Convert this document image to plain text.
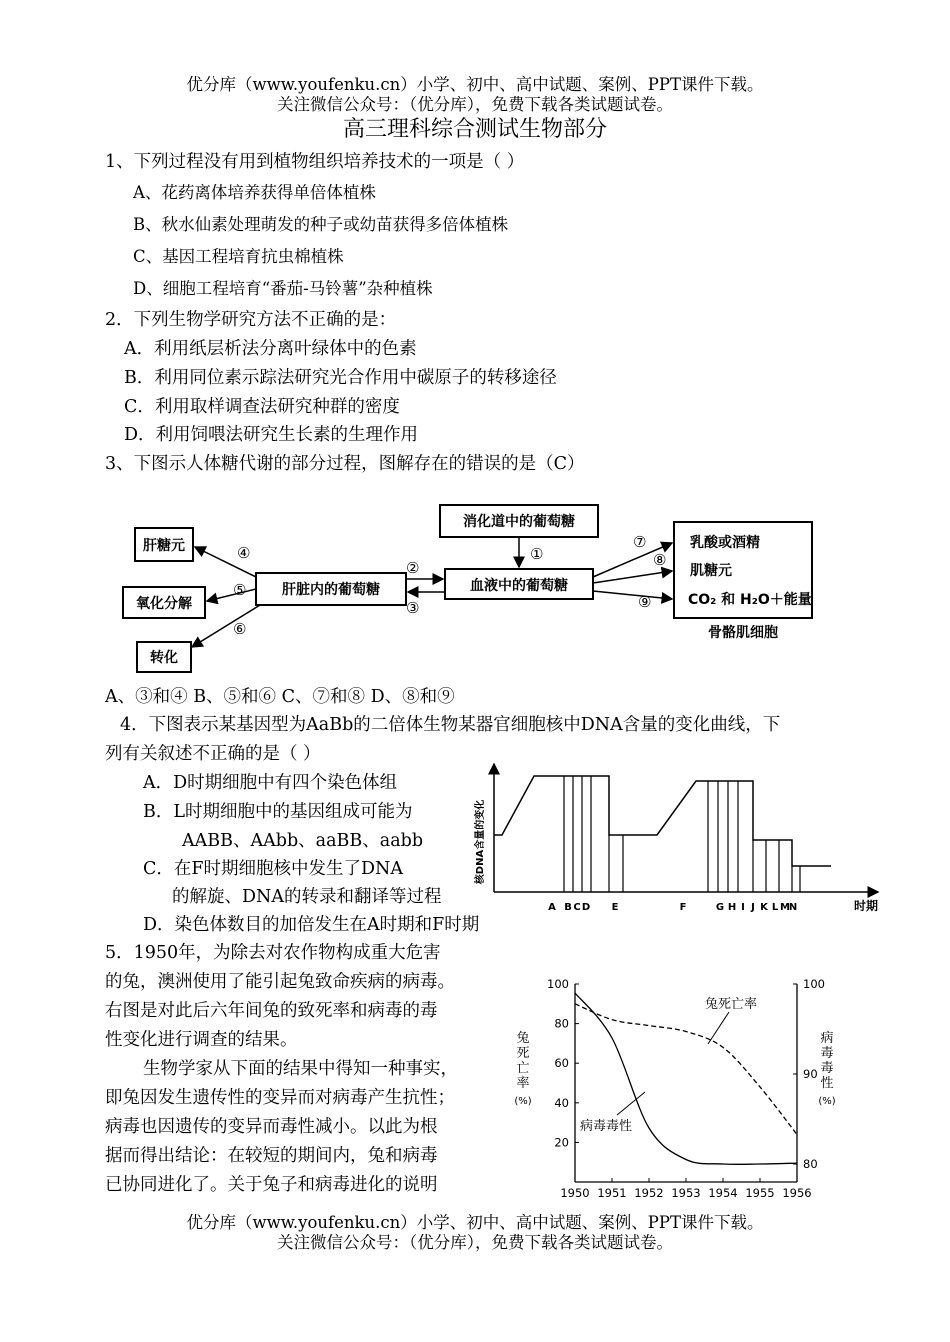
优分库（www.youfenku.cn）小学、初中、高中试题、案例、PPT课件下载。
关注微信公众号：（优分库），免费下载各类试题试卷。
高三理科综合测试生物部分
1、下列过程没有用到植物组织培养技术的一项是（ ）
A、花药离体培养获得单倍体植株
B、秋水仙素处理萌发的种子或幼苗获得多倍体植株
C、基因工程培育抗虫棉植株
D、细胞工程培育“番茄-马铃薯”杂种植株
2．下列生物学研究方法不正确的是：
A．利用纸层析法分离叶绿体中的色素
B．利用同位素示踪法研究光合作用中碳原子的转移途径
C．利用取样调查法研究种群的密度
D．利用饲喂法研究生长素的生理作用
3、下图示人体糖代谢的部分过程，图解存在的错误的是（C）
肝糖元
氧化分解
转化
肝脏内的葡萄糖
消化道中的葡萄糖
血液中的葡萄糖
乳酸或酒精
肌糖元
CO₂ 和 H₂O＋能量
骨骼肌细胞
④
⑤
⑥
②
③
①
⑦
⑧
⑨
A、③和④ B、⑤和⑥ C、⑦和⑧ D、⑧和⑨
4．下图表示某基因型为AaBb的二倍体生物某器官细胞核中DNA含量的变化曲线，下
列有关叙述不正确的是（ ）
A．D时期细胞中有四个染色体组
B．L时期细胞中的基因组成可能为
AABB、AAbb、aaBB、aabb
C．在F时期细胞核中发生了DNA
的解旋、DNA的转录和翻译等过程
D．染色体数目的加倍发生在A时期和F时期
核DNA含量的变化
A B C D E	F	G H I J K L M
N	时期
5．1950年，为除去对农作物构成重大危害
的兔，澳洲使用了能引起兔致命疾病的病毒。
右图是对此后六年间兔的致死率和病毒的毒
性变化进行调查的结果。
生物学家从下面的结果中得知一种事实，
即兔因发生遗传性的变异而对病毒产生抗性；
病毒也因遗传的变异而毒性减小。以此为根
据而得出结论：在较短的期间内，兔和病毒
已协同进化了。关于兔子和病毒进化的说明	1950 1951 1952 1953 1954 1955 1956
100
80
60
40
20
100
90
80
兔
死
亡
率
(%)
病
毒
毒
性
(%)
兔死亡率
病毒毒性
优分库（www.youfenku.cn）小学、初中、高中试题、案例、PPT课件下载。
关注微信公众号：（优分库），免费下载各类试题试卷。
